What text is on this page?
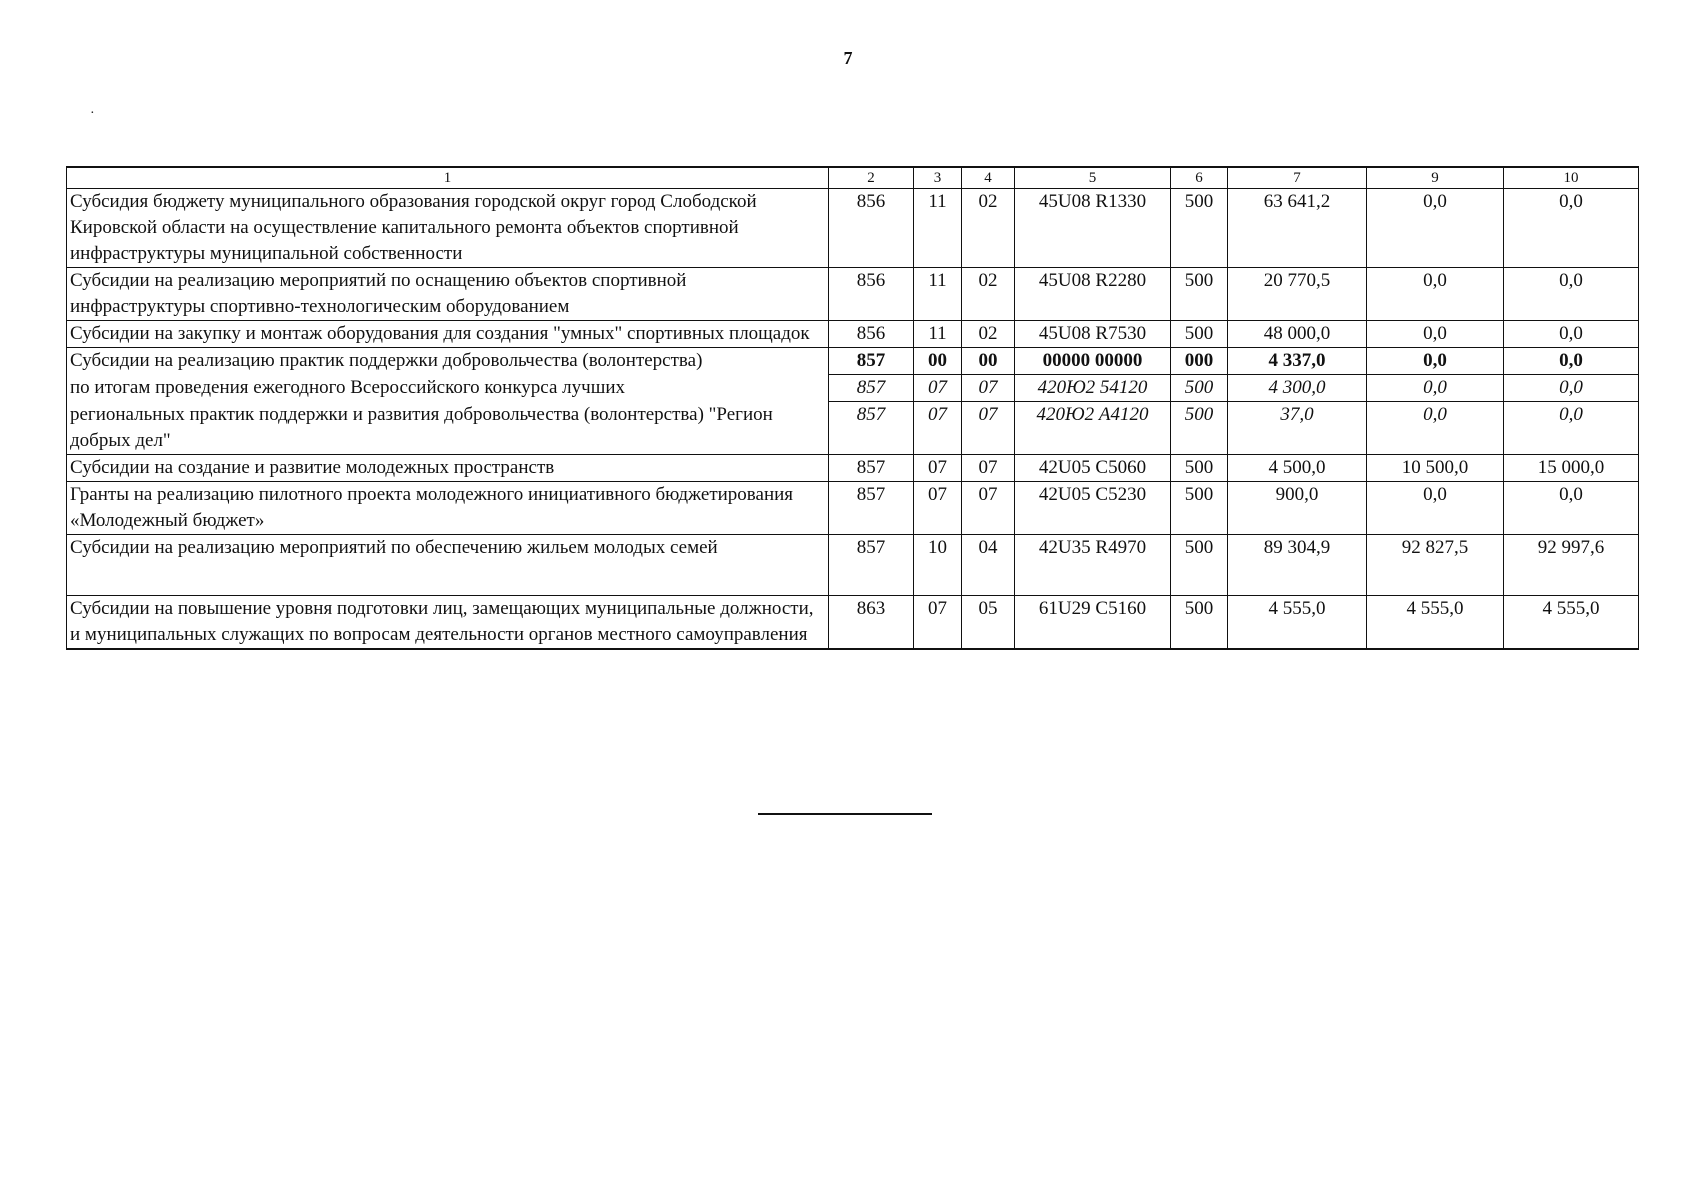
7
·
1	2	3	4	5	6	7	9	10
Субсидия бюджету муниципального образования городской округ город Слободской Кировской области на осуществление капитального ремонта объектов спортивной инфраструктуры муниципальной собственности	856	11	02	45U08 R1330	500	63 641,2	0,0	0,0
Субсидии на реализацию мероприятий по оснащению объектов спортивной инфраструктуры спортивно-технологическим оборудованием	856	11	02	45U08 R2280	500	20 770,5	0,0	0,0
Субсидии на закупку и монтаж оборудования для создания "умных" спортивных площадок	856	11	02	45U08 R7530	500	48 000,0	0,0	0,0
Субсидии на реализацию практик поддержки добровольчества (волонтерства)	857	00	00	00000 00000	000	4 337,0	0,0	0,0
по итогам проведения ежегодного Всероссийского конкурса лучших	857	07	07	420Ю2 54120	500	4 300,0	0,0	0,0
региональных практик поддержки и развития добровольчества (волонтерства) "Регион добрых дел"	857	07	07	420Ю2 А4120	500	37,0	0,0	0,0
Субсидии на создание и развитие молодежных пространств	857	07	07	42U05 C5060	500	4 500,0	10 500,0	15 000,0
Гранты на реализацию пилотного проекта молодежного инициативного бюджетирования «Молодежный бюджет»	857	07	07	42U05 C5230	500	900,0	0,0	0,0
Субсидии на реализацию мероприятий по обеспечению жильем молодых семей	857	10	04	42U35 R4970	500	89 304,9	92 827,5	92 997,6
Субсидии на повышение уровня подготовки лиц, замещающих муниципальные должности, и муниципальных служащих по вопросам деятельности органов местного самоуправления	863	07	05	61U29 C5160	500	4 555,0	4 555,0	4 555,0
